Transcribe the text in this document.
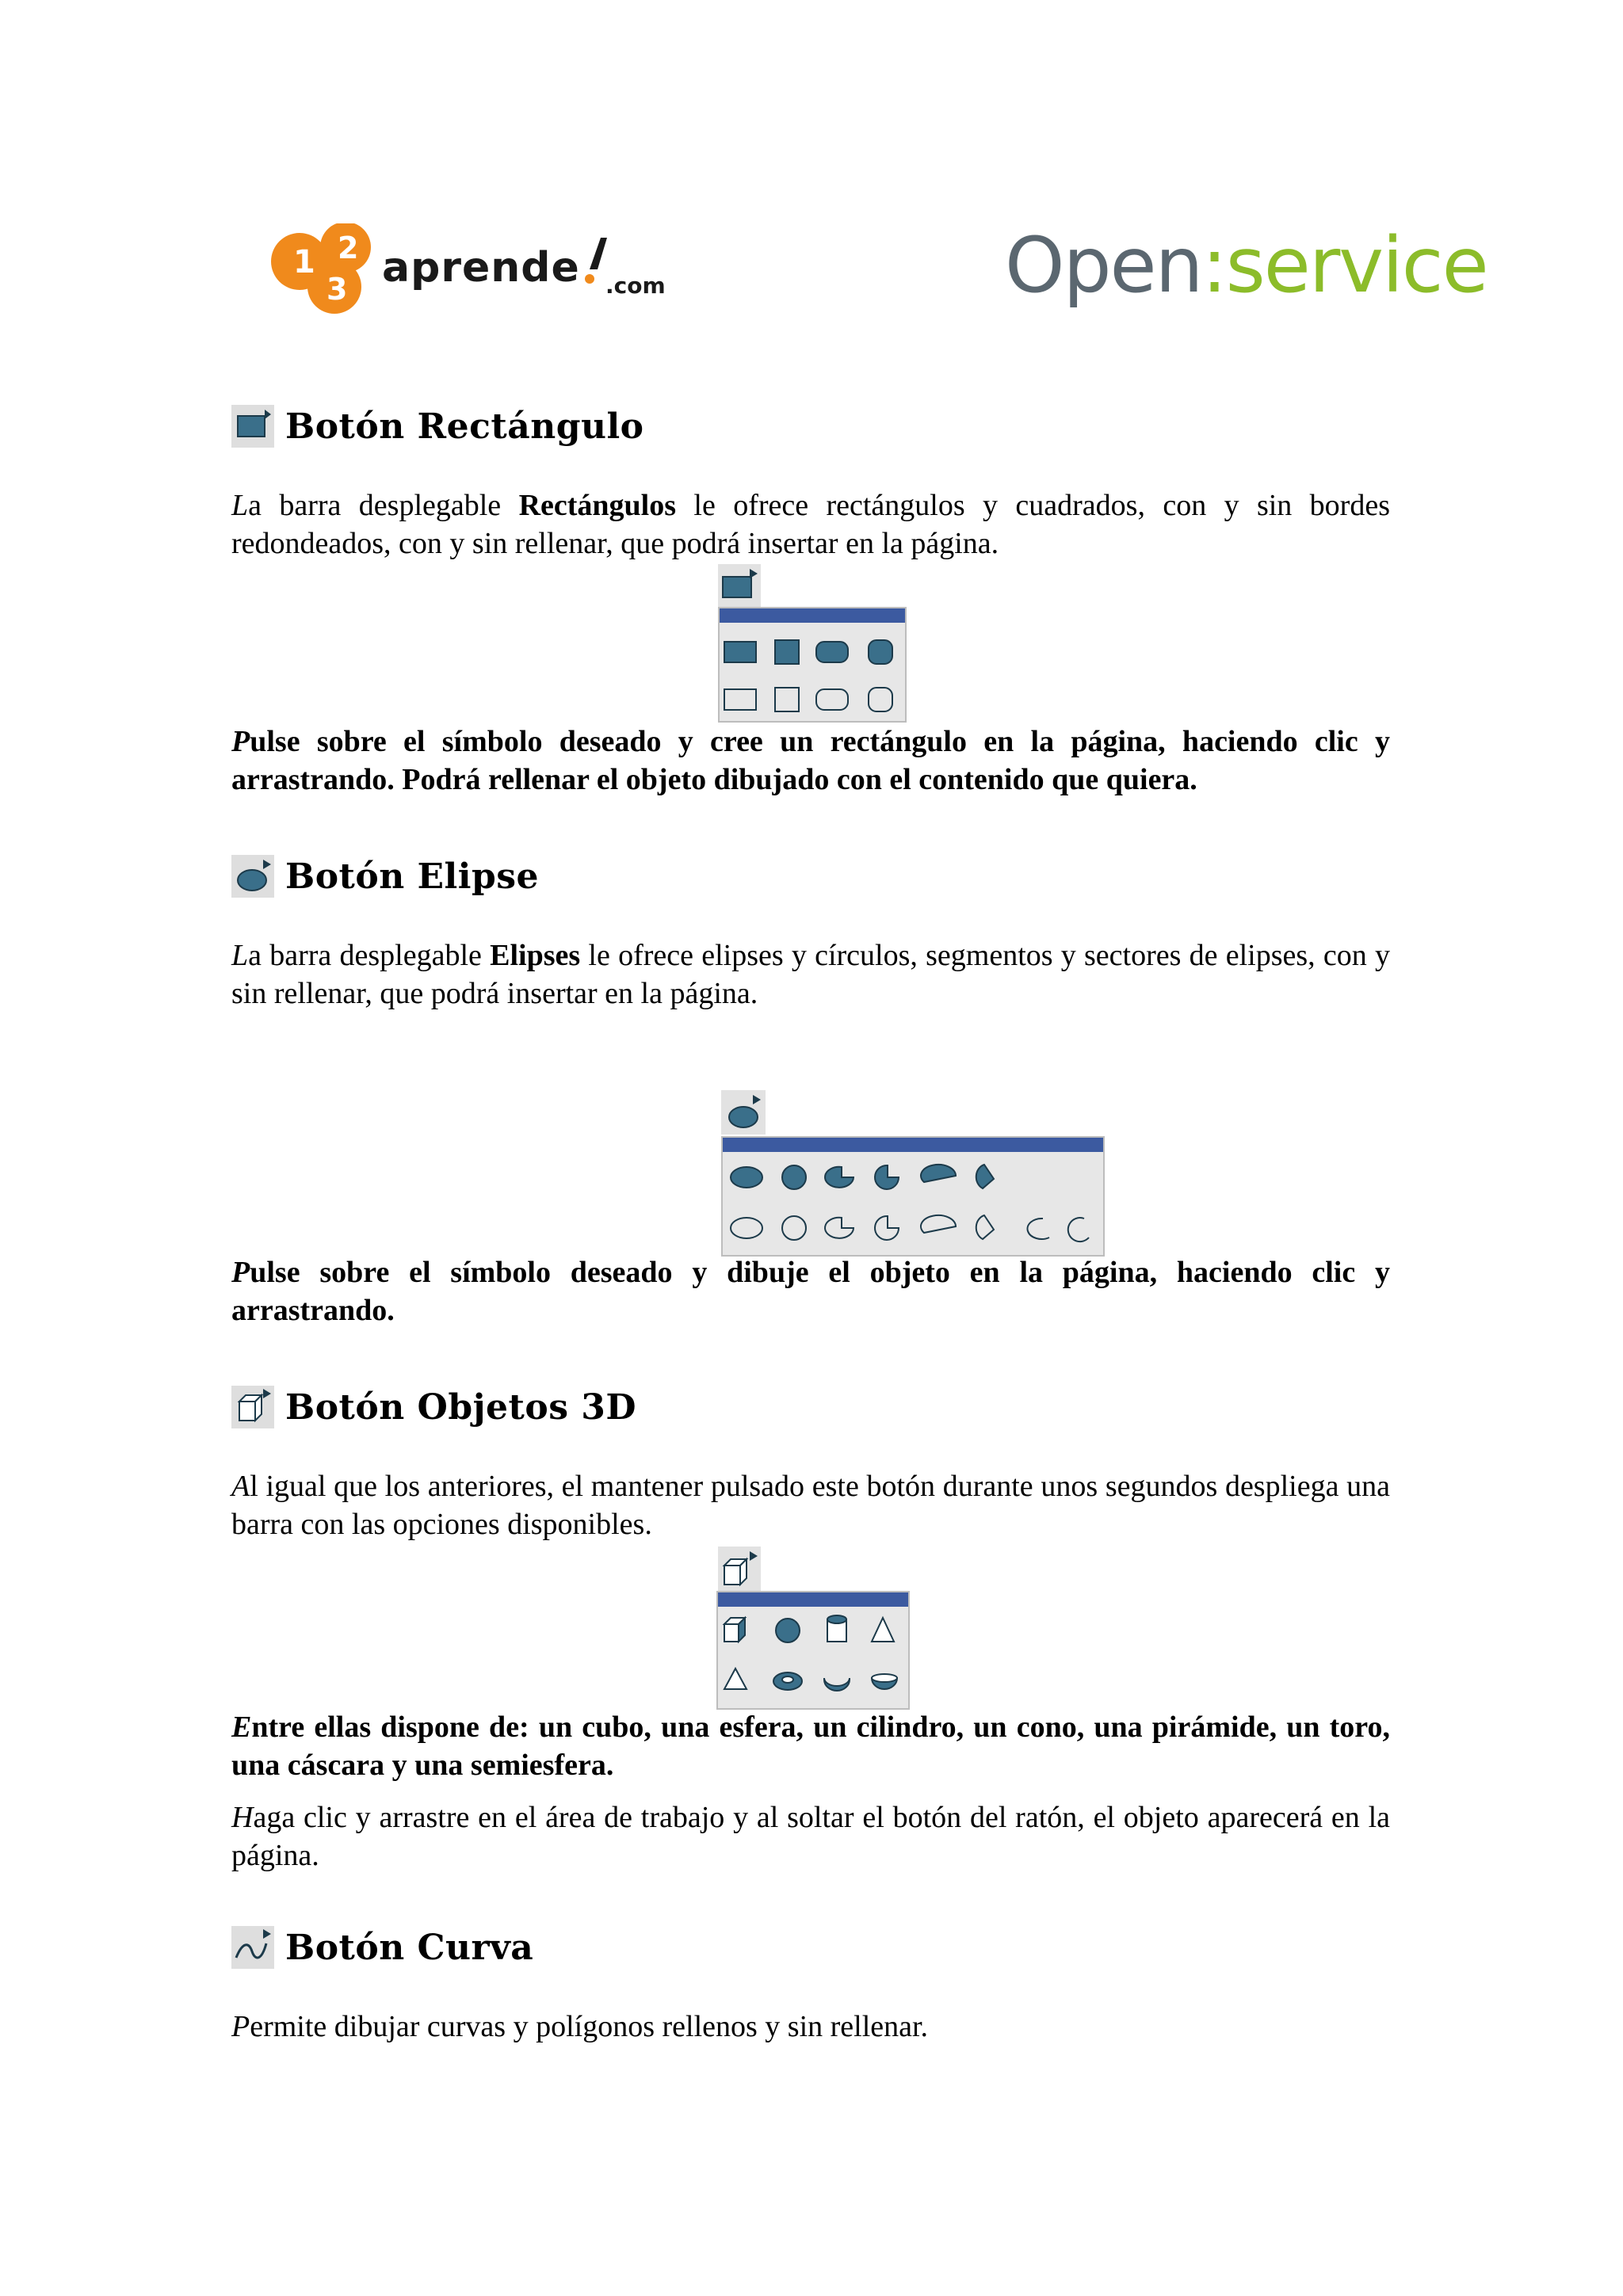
1 2
3 aprende .com	Open:service
Botón Rectángulo
La barra desplegable Rectángulos le ofrece rectángulos y cuadrados, con y sin bordes redondeados, con y sin rellenar, que podrá insertar en la página.
Pulse sobre el símbolo deseado y cree un rectángulo en la página, haciendo clic y arrastrando. Podrá rellenar el objeto dibujado con el contenido que quiera.
Botón Elipse
La barra desplegable Elipses le ofrece elipses y círculos, segmentos y sectores de elipses, con y sin rellenar, que podrá insertar en la página.
Pulse sobre el símbolo deseado y dibuje el objeto en la página, haciendo clic y arrastrando.
Botón Objetos 3D
Al igual que los anteriores, el mantener pulsado este botón durante unos segundos despliega una barra con las opciones disponibles.
Entre ellas dispone de: un cubo, una esfera, un cilindro, un cono, una pirámide, un toro, una cáscara y una semiesfera.
Haga clic y arrastre en el área de trabajo y al soltar el botón del ratón, el objeto aparecerá en la página.
Botón Curva
Permite dibujar curvas y polígonos rellenos y sin rellenar.
